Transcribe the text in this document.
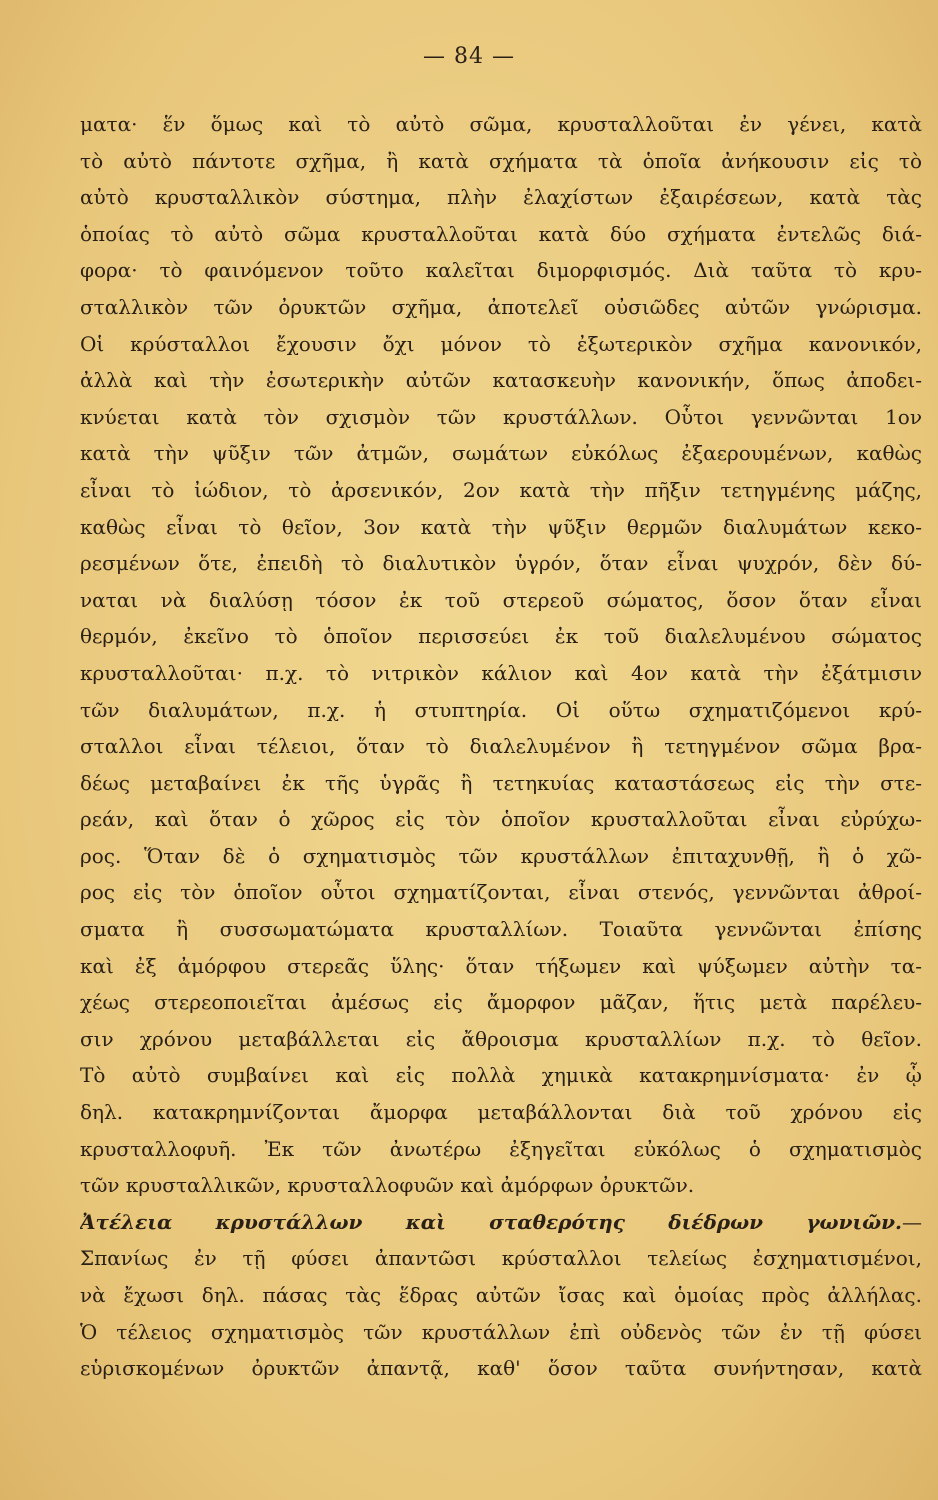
— 84 —
ματα· ἕν ὅμως καὶ τὸ αὐτὸ σῶμα, κρυσταλλοῦται ἐν γένει, κατὰ
τὸ αὐτὸ πάντοτε σχῆμα, ἢ κατὰ σχήματα τὰ ὁποῖα ἀνήκουσιν εἰς τὸ
αὐτὸ κρυσταλλικὸν σύστημα, πλὴν ἐλαχίστων ἐξαιρέσεων, κατὰ τὰς
ὁποίας τὸ αὐτὸ σῶμα κρυσταλλοῦται κατὰ δύο σχήματα ἐντελῶς διά-
φορα· τὸ φαινόμενον τοῦτο καλεῖται διμορφισμός. Διὰ ταῦτα τὸ κρυ-
σταλλικὸν τῶν ὀρυκτῶν σχῆμα, ἀποτελεῖ οὐσιῶδες αὐτῶν γνώρισμα.
Οἱ κρύσταλλοι ἔχουσιν ὄχι μόνον τὸ ἐξωτερικὸν σχῆμα κανονικόν,
ἀλλὰ καὶ τὴν ἐσωτερικὴν αὐτῶν κατασκευὴν κανονικήν, ὅπως ἀποδει-
κνύεται κατὰ τὸν σχισμὸν τῶν κρυστάλλων. Οὗτοι γεννῶνται 1ον
κατὰ τὴν ψῦξιν τῶν ἀτμῶν, σωμάτων εὐκόλως ἐξαερουμένων, καθὼς
εἶναι τὸ ἰώδιον, τὸ ἀρσενικόν, 2ον κατὰ τὴν πῆξιν τετηγμένης μάζης,
καθὼς εἶναι τὸ θεῖον, 3ον κατὰ τὴν ψῦξιν θερμῶν διαλυμάτων κεκο-
ρεσμένων ὅτε, ἐπειδὴ τὸ διαλυτικὸν ὑγρόν, ὅταν εἶναι ψυχρόν, δὲν δύ-
ναται νὰ διαλύσῃ τόσον ἐκ τοῦ στερεοῦ σώματος, ὅσον ὅταν εἶναι
θερμόν, ἐκεῖνο τὸ ὁποῖον περισσεύει ἐκ τοῦ διαλελυμένου σώματος
κρυσταλλοῦται· π.χ. τὸ νιτρικὸν κάλιον καὶ 4ον κατὰ τὴν ἐξάτμισιν
τῶν διαλυμάτων, π.χ. ἡ στυπτηρία. Οἱ οὕτω σχηματιζόμενοι κρύ-
σταλλοι εἶναι τέλειοι, ὅταν τὸ διαλελυμένον ἢ τετηγμένον σῶμα βρα-
δέως μεταβαίνει ἐκ τῆς ὑγρᾶς ἢ τετηκυίας καταστάσεως εἰς τὴν στε-
ρεάν, καὶ ὅταν ὁ χῶρος εἰς τὸν ὁποῖον κρυσταλλοῦται εἶναι εὐρύχω-
ρος. Ὅταν δὲ ὁ σχηματισμὸς τῶν κρυστάλλων ἐπιταχυνθῇ, ἢ ὁ χῶ-
ρος εἰς τὸν ὁποῖον οὗτοι σχηματίζονται, εἶναι στενός, γεννῶνται ἀθροί-
σματα ἢ συσσωματώματα κρυσταλλίων. Τοιαῦτα γεννῶνται ἐπίσης
καὶ ἐξ ἀμόρφου στερεᾶς ὕλης· ὅταν τήξωμεν καὶ ψύξωμεν αὐτὴν τα-
χέως στερεοποιεῖται ἀμέσως εἰς ἄμορφον μᾶζαν, ἥτις μετὰ παρέλευ-
σιν χρόνου μεταβάλλεται εἰς ἄθροισμα κρυσταλλίων π.χ. τὸ θεῖον.
Τὸ αὐτὸ συμβαίνει καὶ εἰς πολλὰ χημικὰ κατακρημνίσματα· ἐν ᾧ
δηλ. κατακρημνίζονται ἄμορφα μεταβάλλονται διὰ τοῦ χρόνου εἰς
κρυσταλλοφυῆ. Ἐκ τῶν ἀνωτέρω ἐξηγεῖται εὐκόλως ὁ σχηματισμὸς
τῶν κρυσταλλικῶν, κρυσταλλοφυῶν καὶ ἀμόρφων ὀρυκτῶν.
Ἀτέλεια κρυστάλλων καὶ σταθερότης διέδρων γωνιῶν.—
Σπανίως ἐν τῇ φύσει ἀπαντῶσι κρύσταλλοι τελείως ἐσχηματισμένοι,
νὰ ἔχωσι δηλ. πάσας τὰς ἕδρας αὐτῶν ἴσας καὶ ὁμοίας πρὸς ἀλλήλας.
Ὁ τέλειος σχηματισμὸς τῶν κρυστάλλων ἐπὶ οὐδενὸς τῶν ἐν τῇ φύσει
εὑρισκομένων ὀρυκτῶν ἀπαντᾷ, καθ' ὅσον ταῦτα συνήντησαν, κατὰ
